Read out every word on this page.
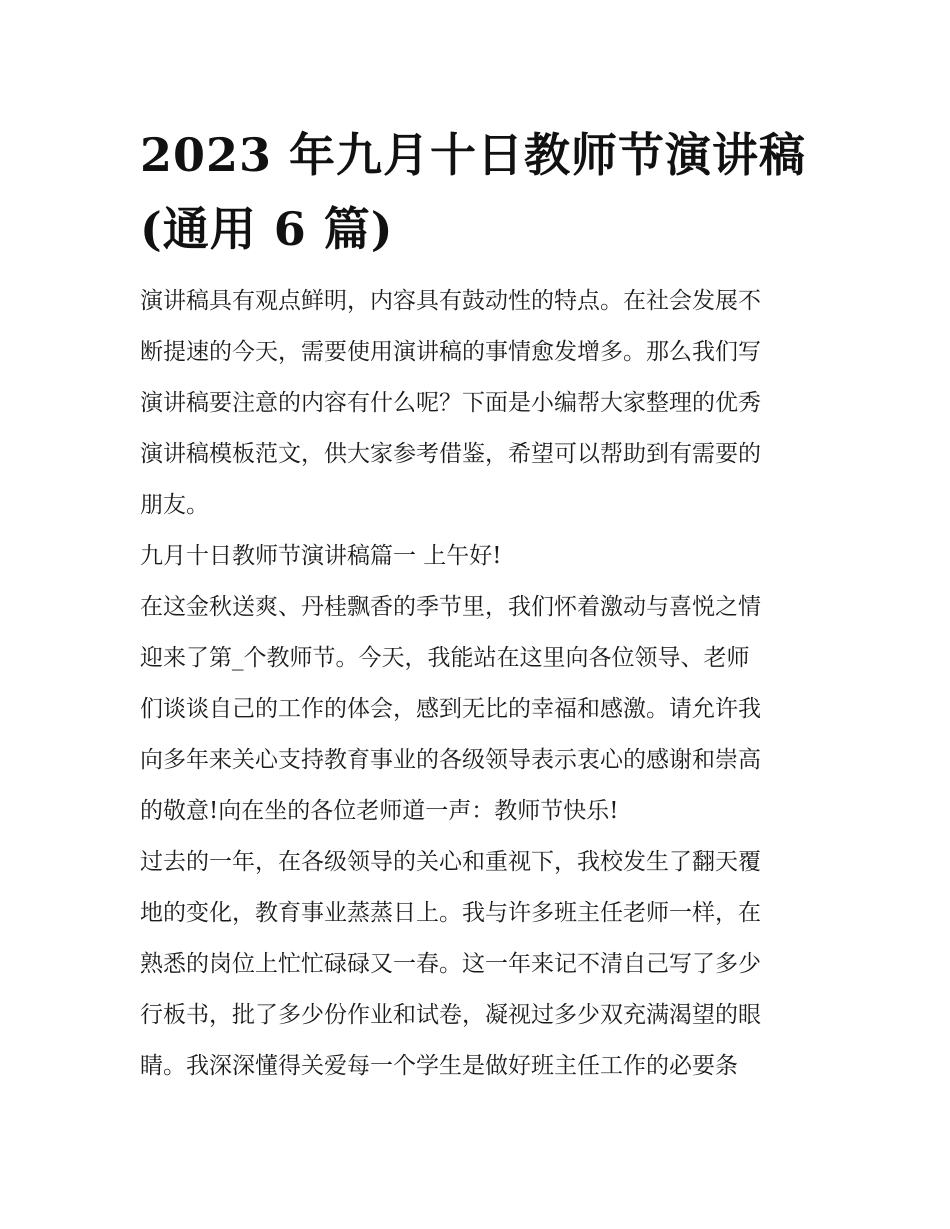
2023 年九月十日教师节演讲稿
(通用 6 篇)

演讲稿具有观点鲜明，内容具有鼓动性的特点。在社会发展不
断提速的今天，需要使用演讲稿的事情愈发增多。那么我们写
演讲稿要注意的内容有什么呢？下面是小编帮大家整理的优秀
演讲稿模板范文，供大家参考借鉴，希望可以帮助到有需要的
朋友。

九月十日教师节演讲稿篇一 上午好!

在这金秋送爽、丹桂飘香的季节里，我们怀着激动与喜悦之情
迎来了第_个教师节。今天，我能站在这里向各位领导、老师
们谈谈自己的工作的体会，感到无比的幸福和感激。请允许我
向多年来关心支持教育事业的各级领导表示衷心的感谢和崇高
的敬意!向在坐的各位老师道一声：教师节快乐!

过去的一年，在各级领导的关心和重视下，我校发生了翻天覆
地的变化，教育事业蒸蒸日上。我与许多班主任老师一样，在
熟悉的岗位上忙忙碌碌又一春。这一年来记不清自己写了多少
行板书，批了多少份作业和试卷，凝视过多少双充满渴望的眼
睛。我深深懂得关爱每一个学生是做好班主任工作的必要条
